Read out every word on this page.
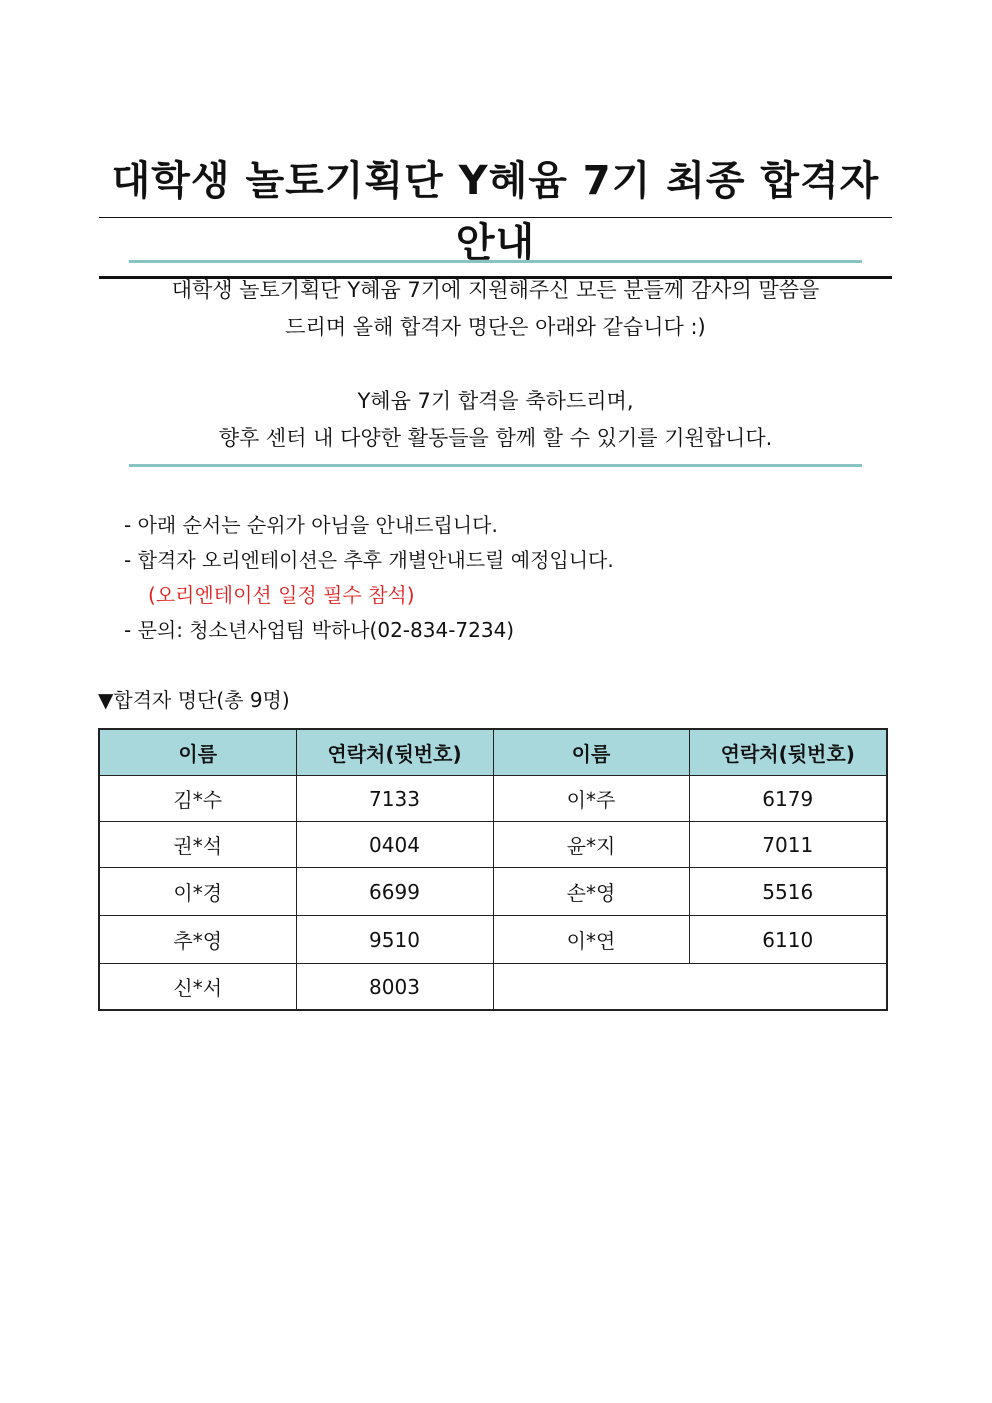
대학생 놀토기획단 Y혜윰 7기 최종 합격자 안내
대학생 놀토기획단 Y혜윰 7기에 지원해주신 모든 분들께 감사의 말씀을
드리며 올해 합격자 명단은 아래와 같습니다 :)
Y혜윰 7기 합격을 축하드리며,
향후 센터 내 다양한 활동들을 함께 할 수 있기를 기원합니다.
- 아래 순서는 순위가 아님을 안내드립니다.
- 합격자 오리엔테이션은 추후 개별안내드릴 예정입니다.
(오리엔테이션 일정 필수 참석)
- 문의: 청소년사업팀 박하나(02-834-7234)
▼합격자 명단(총 9명)
이름	연락처(뒷번호)	이름	연락처(뒷번호)
김*수	7133	이*주	6179
권*석	0404	윤*지	7011
이*경	6699	손*영	5516
추*영	9510	이*연	6110
신*서	8003		
